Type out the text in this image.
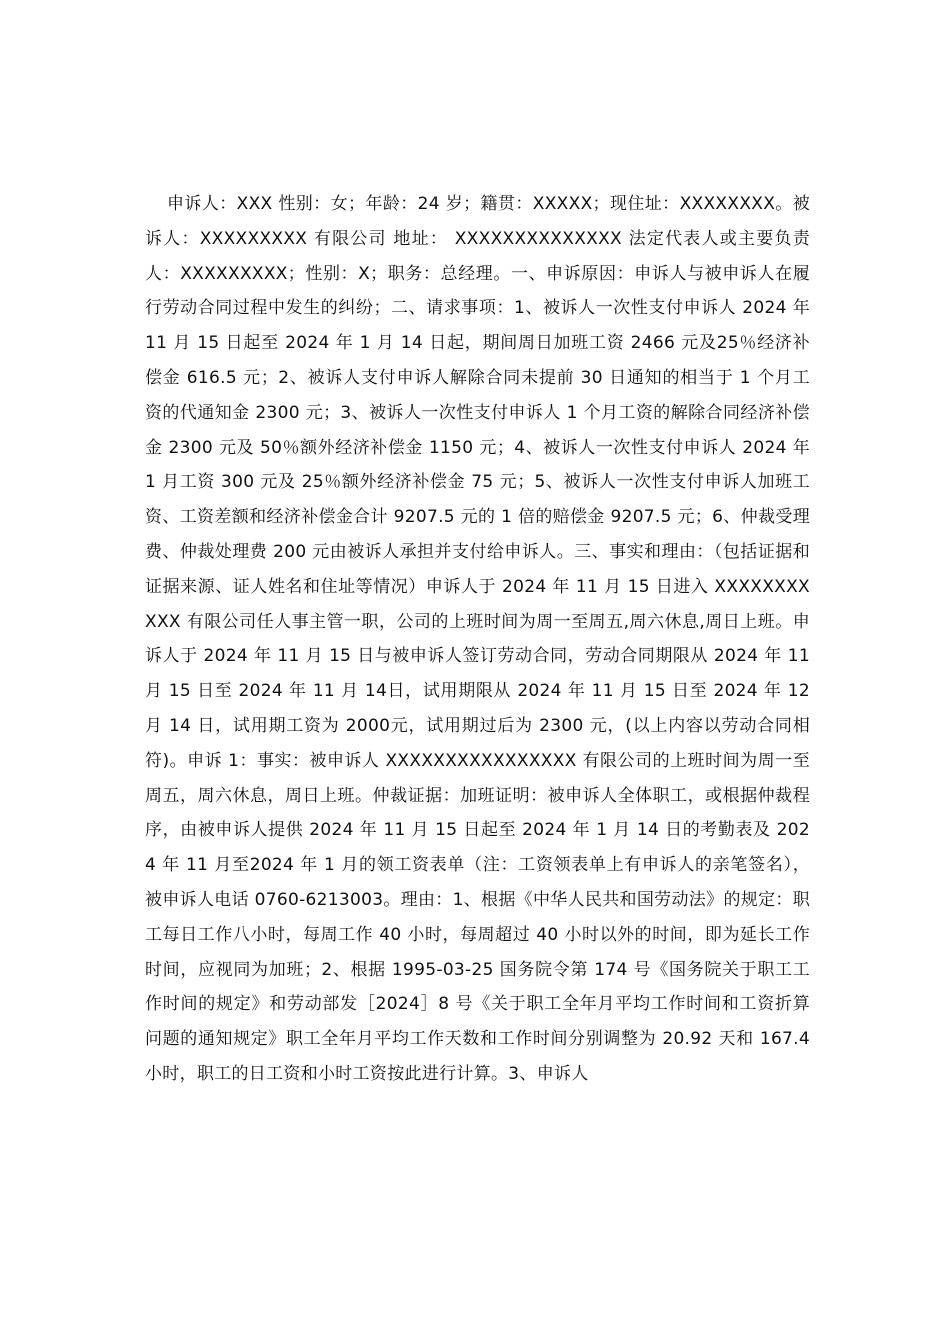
申诉人：XXX 性别：女；年龄：24 岁；籍贯：XXXXX；现住址：XXXXXXXX。被诉人：XXXXXXXXX 有限公司 地址： XXXXXXXXXXXXXX 法定代表人或主要负责人：XXXXXXXXX；性别：X；职务：总经理。一、申诉原因：申诉人与被申诉人在履行劳动合同过程中发生的纠纷；二、请求事项：1、被诉人一次性支付申诉人 2024 年 11 月 15 日起至 2024 年 1 月 14 日起，期间周日加班工资 2466 元及25％经济补偿金 616.5 元；2、被诉人支付申诉人解除合同未提前 30 日通知的相当于 1 个月工资的代通知金 2300 元；3、被诉人一次性支付申诉人 1 个月工资的解除合同经济补偿金 2300 元及 50％额外经济补偿金 1150 元；4、被诉人一次性支付申诉人 2024 年 1 月工资 300 元及 25％额外经济补偿金 75 元；5、被诉人一次性支付申诉人加班工资、工资差额和经济补偿金合计 9207.5 元的 1 倍的赔偿金 9207.5 元；6、仲裁受理费、仲裁处理费 200 元由被诉人承担并支付给申诉人。三、事实和理由：（包括证据和证据来源、证人姓名和住址等情况）申诉人于 2024 年 11 月 15 日进入 XXXXXXXXXXX 有限公司任人事主管一职，公司的上班时间为周一至周五,周六休息,周日上班。申诉人于 2024 年 11 月 15 日与被申诉人签订劳动合同，劳动合同期限从 2024 年 11 月 15 日至 2024 年 11 月 14日，试用期限从 2024 年 11 月 15 日至 2024 年 12 月 14 日，试用期工资为 2000元，试用期过后为 2300 元，(以上内容以劳动合同相符)。申诉 1：事实：被申诉人 XXXXXXXXXXXXXXXX 有限公司的上班时间为周一至周五，周六休息，周日上班。仲裁证据：加班证明：被申诉人全体职工，或根据仲裁程序，由被申诉人提供 2024 年 11 月 15 日起至 2024 年 1 月 14 日的考勤表及 2024 年 11 月至2024 年 1 月的领工资表单（注：工资领表单上有申诉人的亲笔签名），被申诉人电话 0760-6213003。理由：1、根据《中华人民共和国劳动法》的规定：职工每日工作八小时，每周工作 40 小时，每周超过 40 小时以外的时间，即为延长工作时间，应视同为加班；2、根据 1995-03-25 国务院令第 174 号《国务院关于职工工作时间的规定》和劳动部发［2024］8 号《关于职工全年月平均工作时间和工资折算问题的通知规定》职工全年月平均工作天数和工作时间分别调整为 20.92 天和 167.4 小时，职工的日工资和小时工资按此进行计算。3、申诉人
